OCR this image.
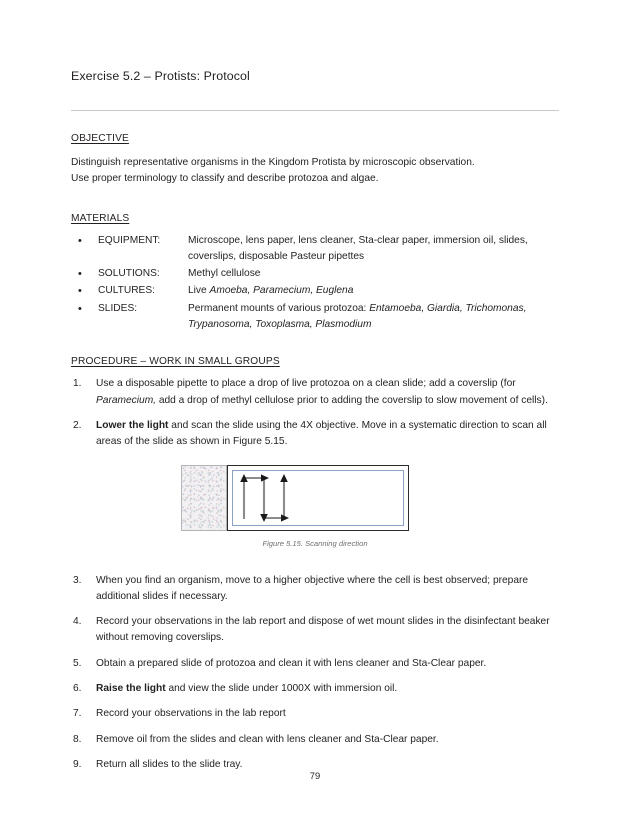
Exercise 5.2 – Protists: Protocol
OBJECTIVE
Distinguish representative organisms in the Kingdom Protista by microscopic observation.
Use proper terminology to classify and describe protozoa and algae.
MATERIALS
• EQUIPMENT:	Microscope, lens paper, lens cleaner, Sta-clear paper, immersion oil, slides, coverslips, disposable Pasteur pipettes
• SOLUTIONS:	Methyl cellulose
• CULTURES:	Live Amoeba, Paramecium, Euglena
• SLIDES:	Permanent mounts of various protozoa: Entamoeba, Giardia, Trichomonas, Trypanosoma, Toxoplasma, Plasmodium
PROCEDURE – WORK IN SMALL GROUPS
1. Use a disposable pipette to place a drop of live protozoa on a clean slide; add a coverslip (for Paramecium, add a drop of methyl cellulose prior to adding the coverslip to slow movement of cells).
2. Lower the light and scan the slide using the 4X objective. Move in a systematic direction to scan all areas of the slide as shown in Figure 5.15.
Figure 5.15. Scanning direction
3. When you find an organism, move to a higher objective where the cell is best observed; prepare additional slides if necessary.
4. Record your observations in the lab report and dispose of wet mount slides in the disinfectant beaker without removing coverslips.
5. Obtain a prepared slide of protozoa and clean it with lens cleaner and Sta-Clear paper.
6. Raise the light and view the slide under 1000X with immersion oil.
7. Record your observations in the lab report
8. Remove oil from the slides and clean with lens cleaner and Sta-Clear paper.
9. Return all slides to the slide tray.
79
